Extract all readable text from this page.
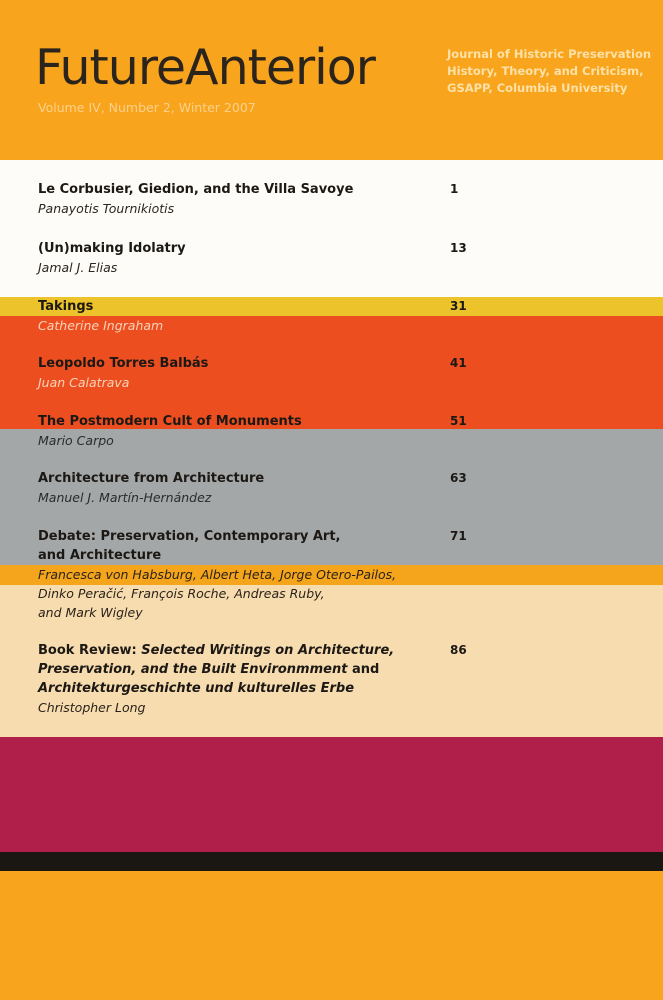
FutureAnterior
Volume IV, Number 2, Winter 2007
Journal of Historic Preservation
History, Theory, and Criticism,
GSAPP, Columbia University
Le Corbusier, Giedion, and the Villa Savoye
Panayotis Tournikiotis
1
(Un)making Idolatry
Jamal J. Elias
13
Takings
Catherine Ingraham
31
Leopoldo Torres Balbás
Juan Calatrava
41
The Postmodern Cult of Monuments
Mario Carpo
51
Architecture from Architecture
Manuel J. Martín-Hernández
63
Debate: Preservation, Contemporary Art,
and Architecture
Francesca von Habsburg, Albert Heta, Jorge Otero-Pailos,
Dinko Peračić, François Roche, Andreas Ruby,
and Mark Wigley
71
Book Review: Selected Writings on Architecture,
Preservation, and the Built Environmment and
Architekturgeschichte und kulturelles Erbe
Christopher Long
86
